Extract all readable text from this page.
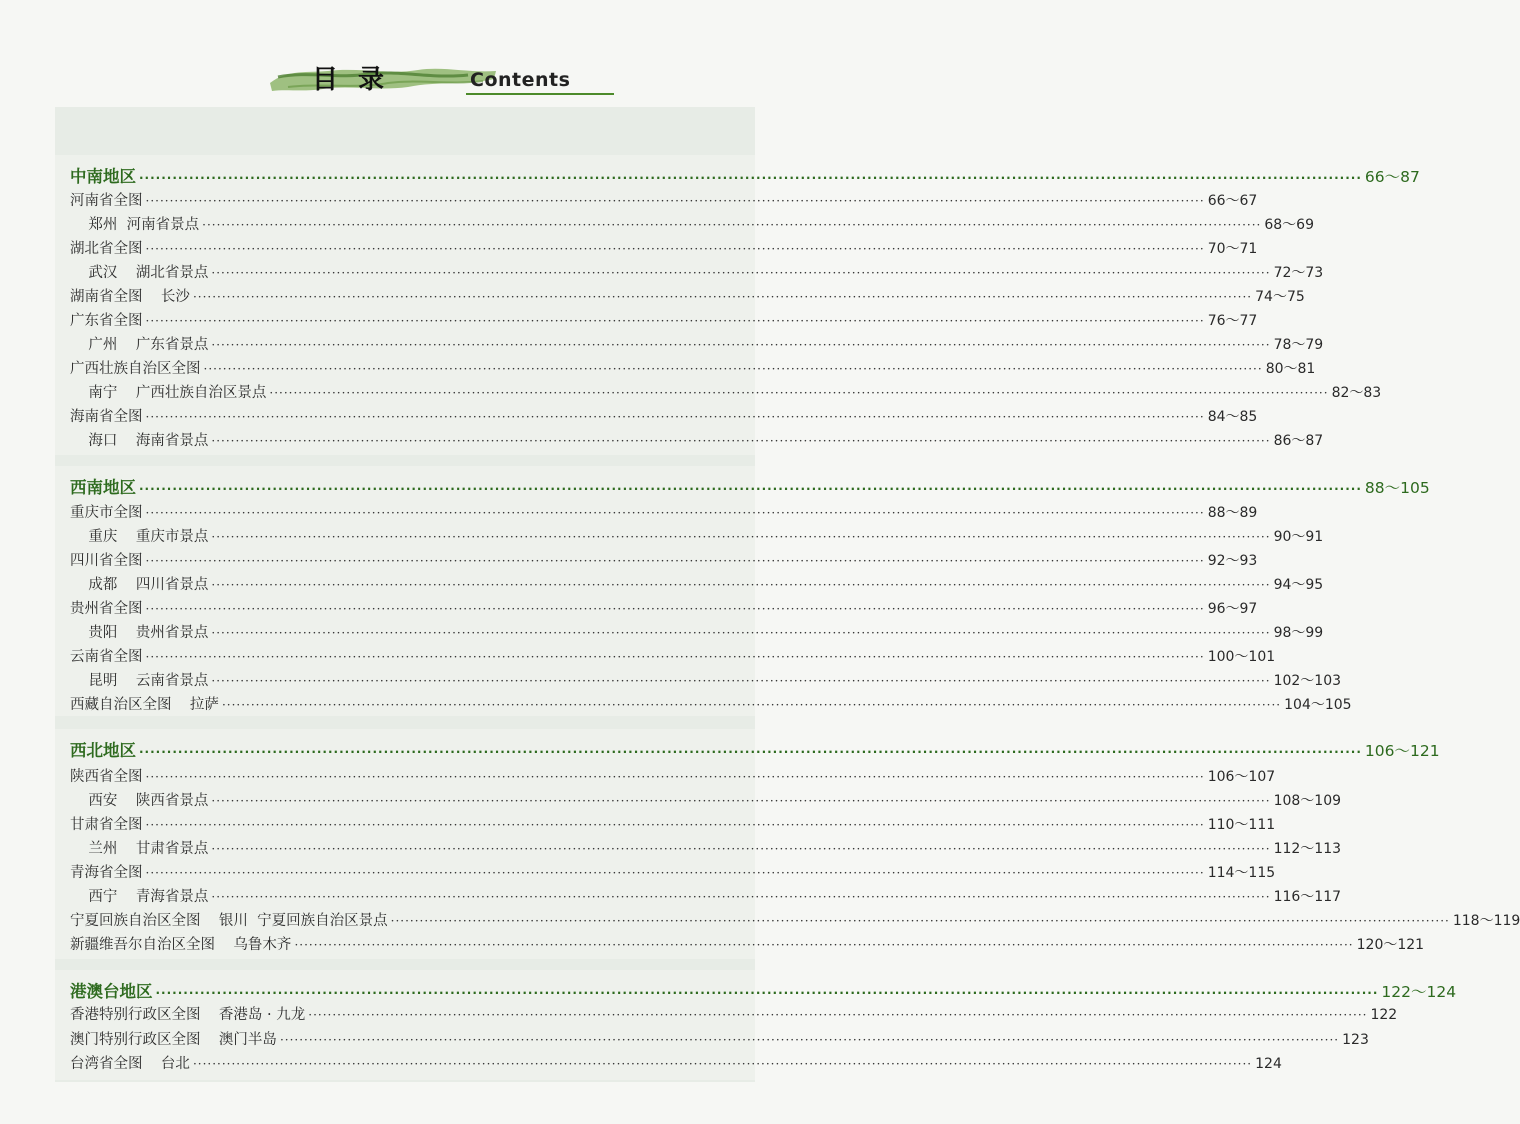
目录	Contents
中南地区 ···························································································································································································································· 66～87
河南省全图 ···························································································································································································································· 66～67
郑州  河南省景点 ···························································································································································································································· 68～69
湖北省全图 ···························································································································································································································· 70～71
武汉    湖北省景点 ···························································································································································································································· 72～73
湖南省全图    长沙 ···························································································································································································································· 74～75
广东省全图 ···························································································································································································································· 76～77
广州    广东省景点 ···························································································································································································································· 78～79
广西壮族自治区全图 ···························································································································································································································· 80～81
南宁    广西壮族自治区景点 ···························································································································································································································· 82～83
海南省全图 ···························································································································································································································· 84～85
海口    海南省景点 ···························································································································································································································· 86～87
西南地区 ···························································································································································································································· 88～105
重庆市全图 ···························································································································································································································· 88～89
重庆    重庆市景点 ···························································································································································································································· 90～91
四川省全图 ···························································································································································································································· 92～93
成都    四川省景点 ···························································································································································································································· 94～95
贵州省全图 ···························································································································································································································· 96～97
贵阳    贵州省景点 ···························································································································································································································· 98～99
云南省全图 ···························································································································································································································· 100～101
昆明    云南省景点 ···························································································································································································································· 102～103
西藏自治区全图    拉萨 ···························································································································································································································· 104～105
西北地区 ···························································································································································································································· 106～121
陕西省全图 ···························································································································································································································· 106～107
西安    陕西省景点 ···························································································································································································································· 108～109
甘肃省全图 ···························································································································································································································· 110～111
兰州    甘肃省景点 ···························································································································································································································· 112～113
青海省全图 ···························································································································································································································· 114～115
西宁    青海省景点 ···························································································································································································································· 116～117
宁夏回族自治区全图    银川  宁夏回族自治区景点 ···························································································································································································································· 118～119
新疆维吾尔自治区全图    乌鲁木齐 ···························································································································································································································· 120～121
港澳台地区 ···························································································································································································································· 122～124
香港特别行政区全图    香港岛 · 九龙 ···························································································································································································································· 122
澳门特别行政区全图    澳门半岛 ···························································································································································································································· 123
台湾省全图    台北 ···························································································································································································································· 124
